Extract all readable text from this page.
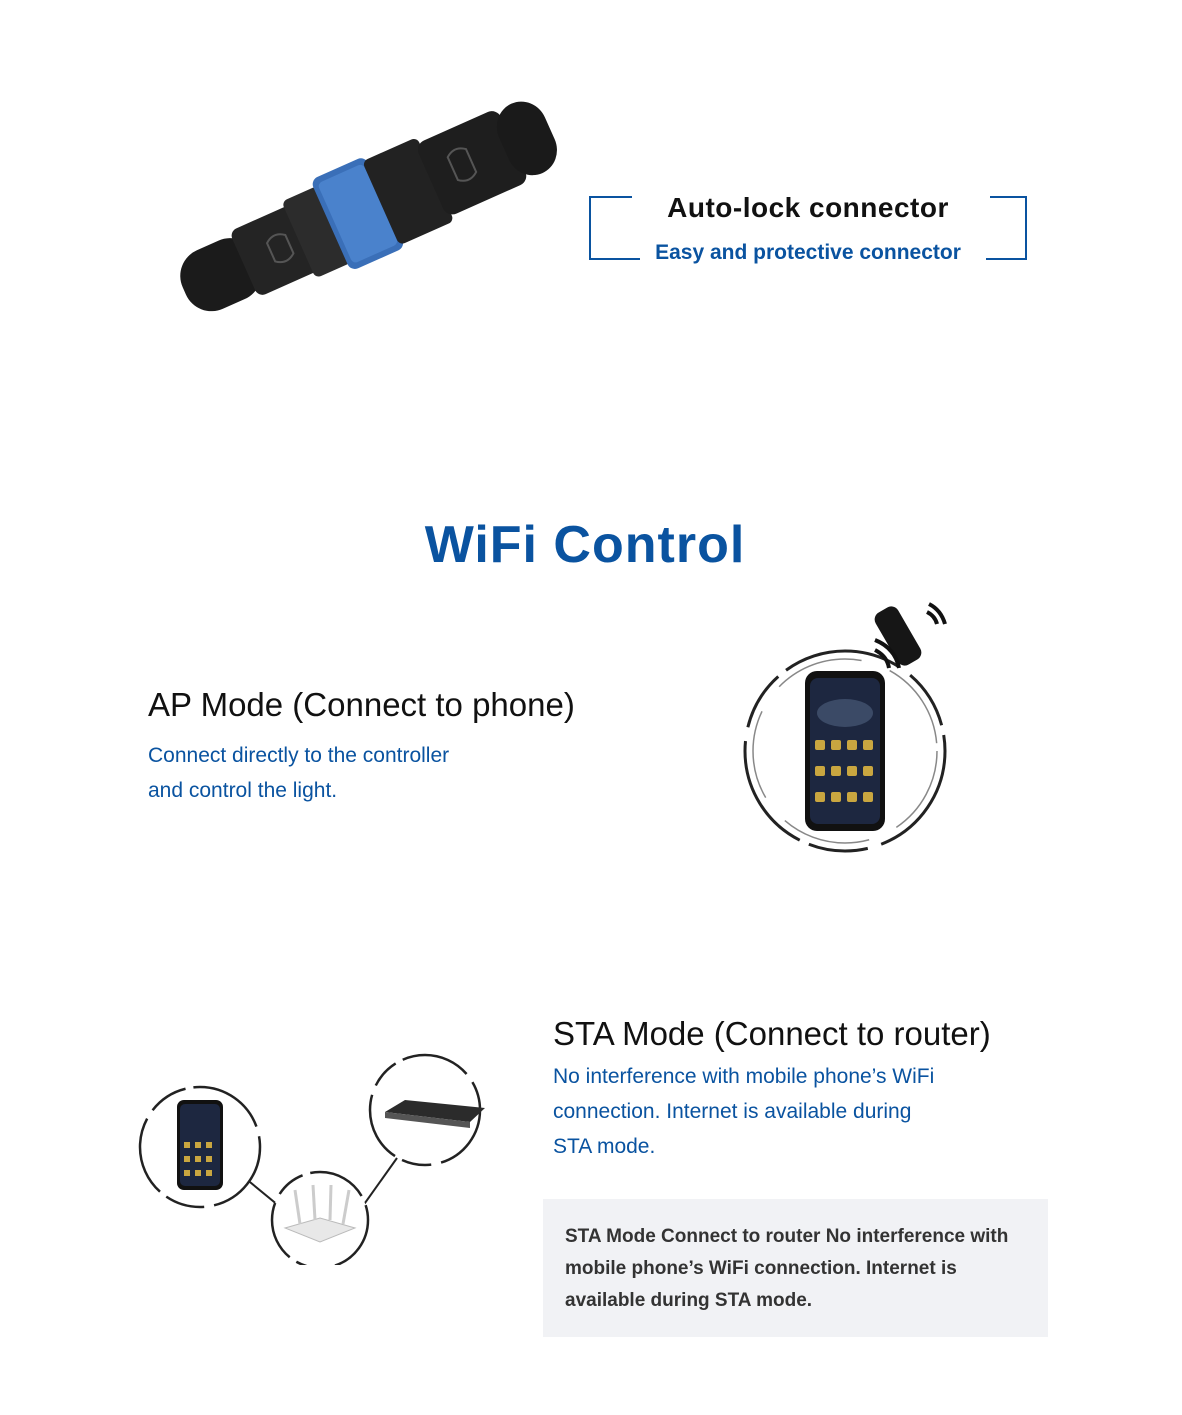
Auto-lock connector
Easy and protective connector
WiFi Control
AP Mode (Connect to phone)
Connect directly to the controller
and control the light.
STA Mode (Connect to router)
No interference with mobile phone’s WiFi
connection. Internet is available during
STA mode.
STA Mode Connect to router No interference with mobile phone’s WiFi connection. Internet is available during STA mode.
